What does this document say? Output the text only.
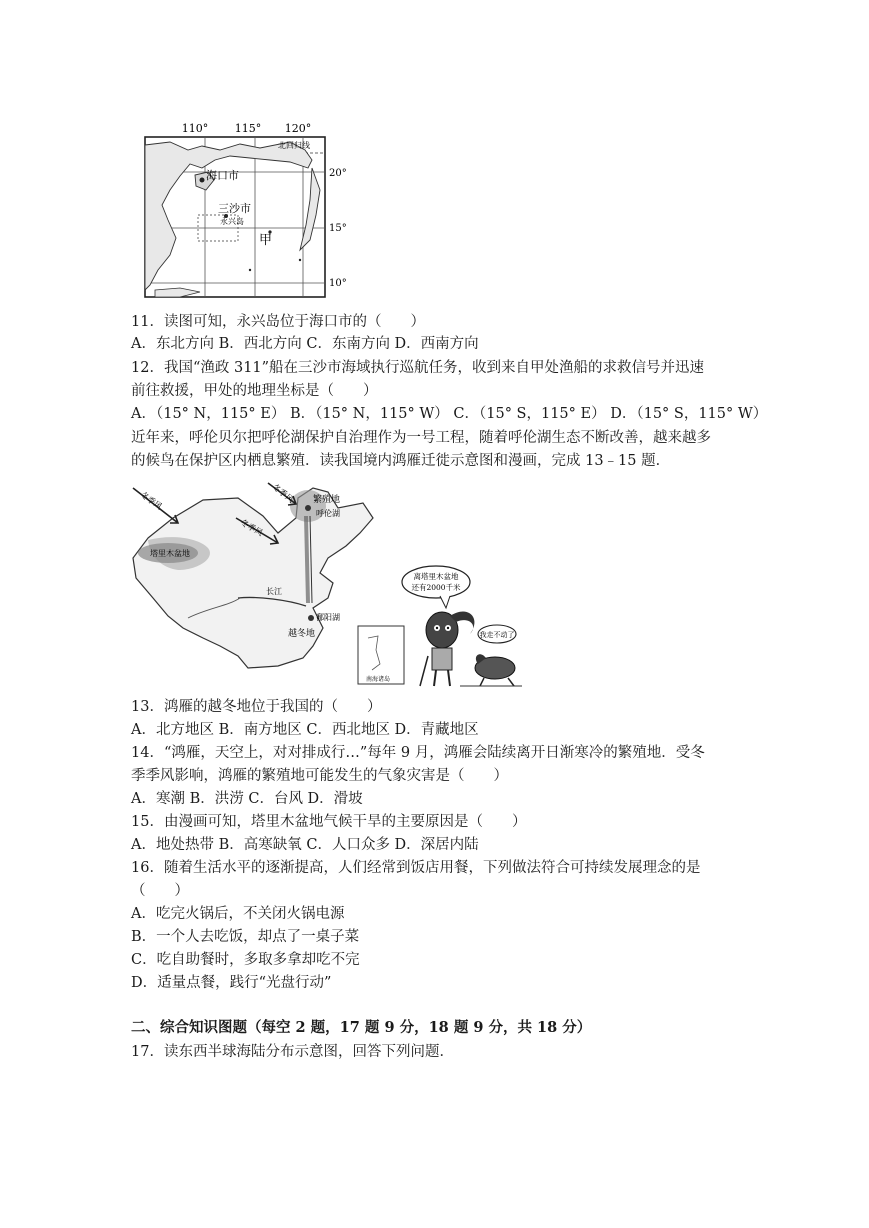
110° 115° 120°
20°
15°
10°
北回归线
海口市
三沙市
永兴岛
甲
11．读图可知，永兴岛位于海口市的（　　）
A．东北方向 B．西北方向 C．东南方向 D．西南方向
12．我国“渔政 311”船在三沙市海域执行巡航任务，收到来自甲处渔船的求救信号并迅速
前往救援，甲处的地理坐标是（　　）
A．（15° N，115° E） B．（15° N，115° W） C．（15° S，115° E） D．（15° S，115° W）
近年来，呼伦贝尔把呼伦湖保护自治理作为一号工程，随着呼伦湖生态不断改善，越来越多
的候鸟在保护区内栖息繁殖．读我国境内鸿雁迁徙示意图和漫画，完成 13﹣15 题．
冬季风
冬季风
冬季风
塔里木盆地
繁殖地
呼伦湖
越冬地
鄱阳湖
长江
南海诸岛
离塔里木盆地
还有2000千米
我走不动了
13．鸿雁的越冬地位于我国的（　　）
A．北方地区 B．南方地区 C．西北地区 D．青藏地区
14．“鸿雁，天空上，对对排成行…”每年 9 月，鸿雁会陆续离开日渐寒冷的繁殖地．受冬
季季风影响，鸿雁的繁殖地可能发生的气象灾害是（　　）
A．寒潮 B．洪涝 C．台风 D．滑坡
15．由漫画可知，塔里木盆地气候干旱的主要原因是（　　）
A．地处热带 B．高寒缺氧 C．人口众多 D．深居内陆
16．随着生活水平的逐渐提高，人们经常到饭店用餐，下列做法符合可持续发展理念的是
（　　）
A．吃完火锅后，不关闭火锅电源
B．一个人去吃饭，却点了一桌子菜
C．吃自助餐时，多取多拿却吃不完
D．适量点餐，践行“光盘行动”
二、综合知识图题（每空 2 题，17 题 9 分，18 题 9 分，共 18 分）
17．读东西半球海陆分布示意图，回答下列问题．
